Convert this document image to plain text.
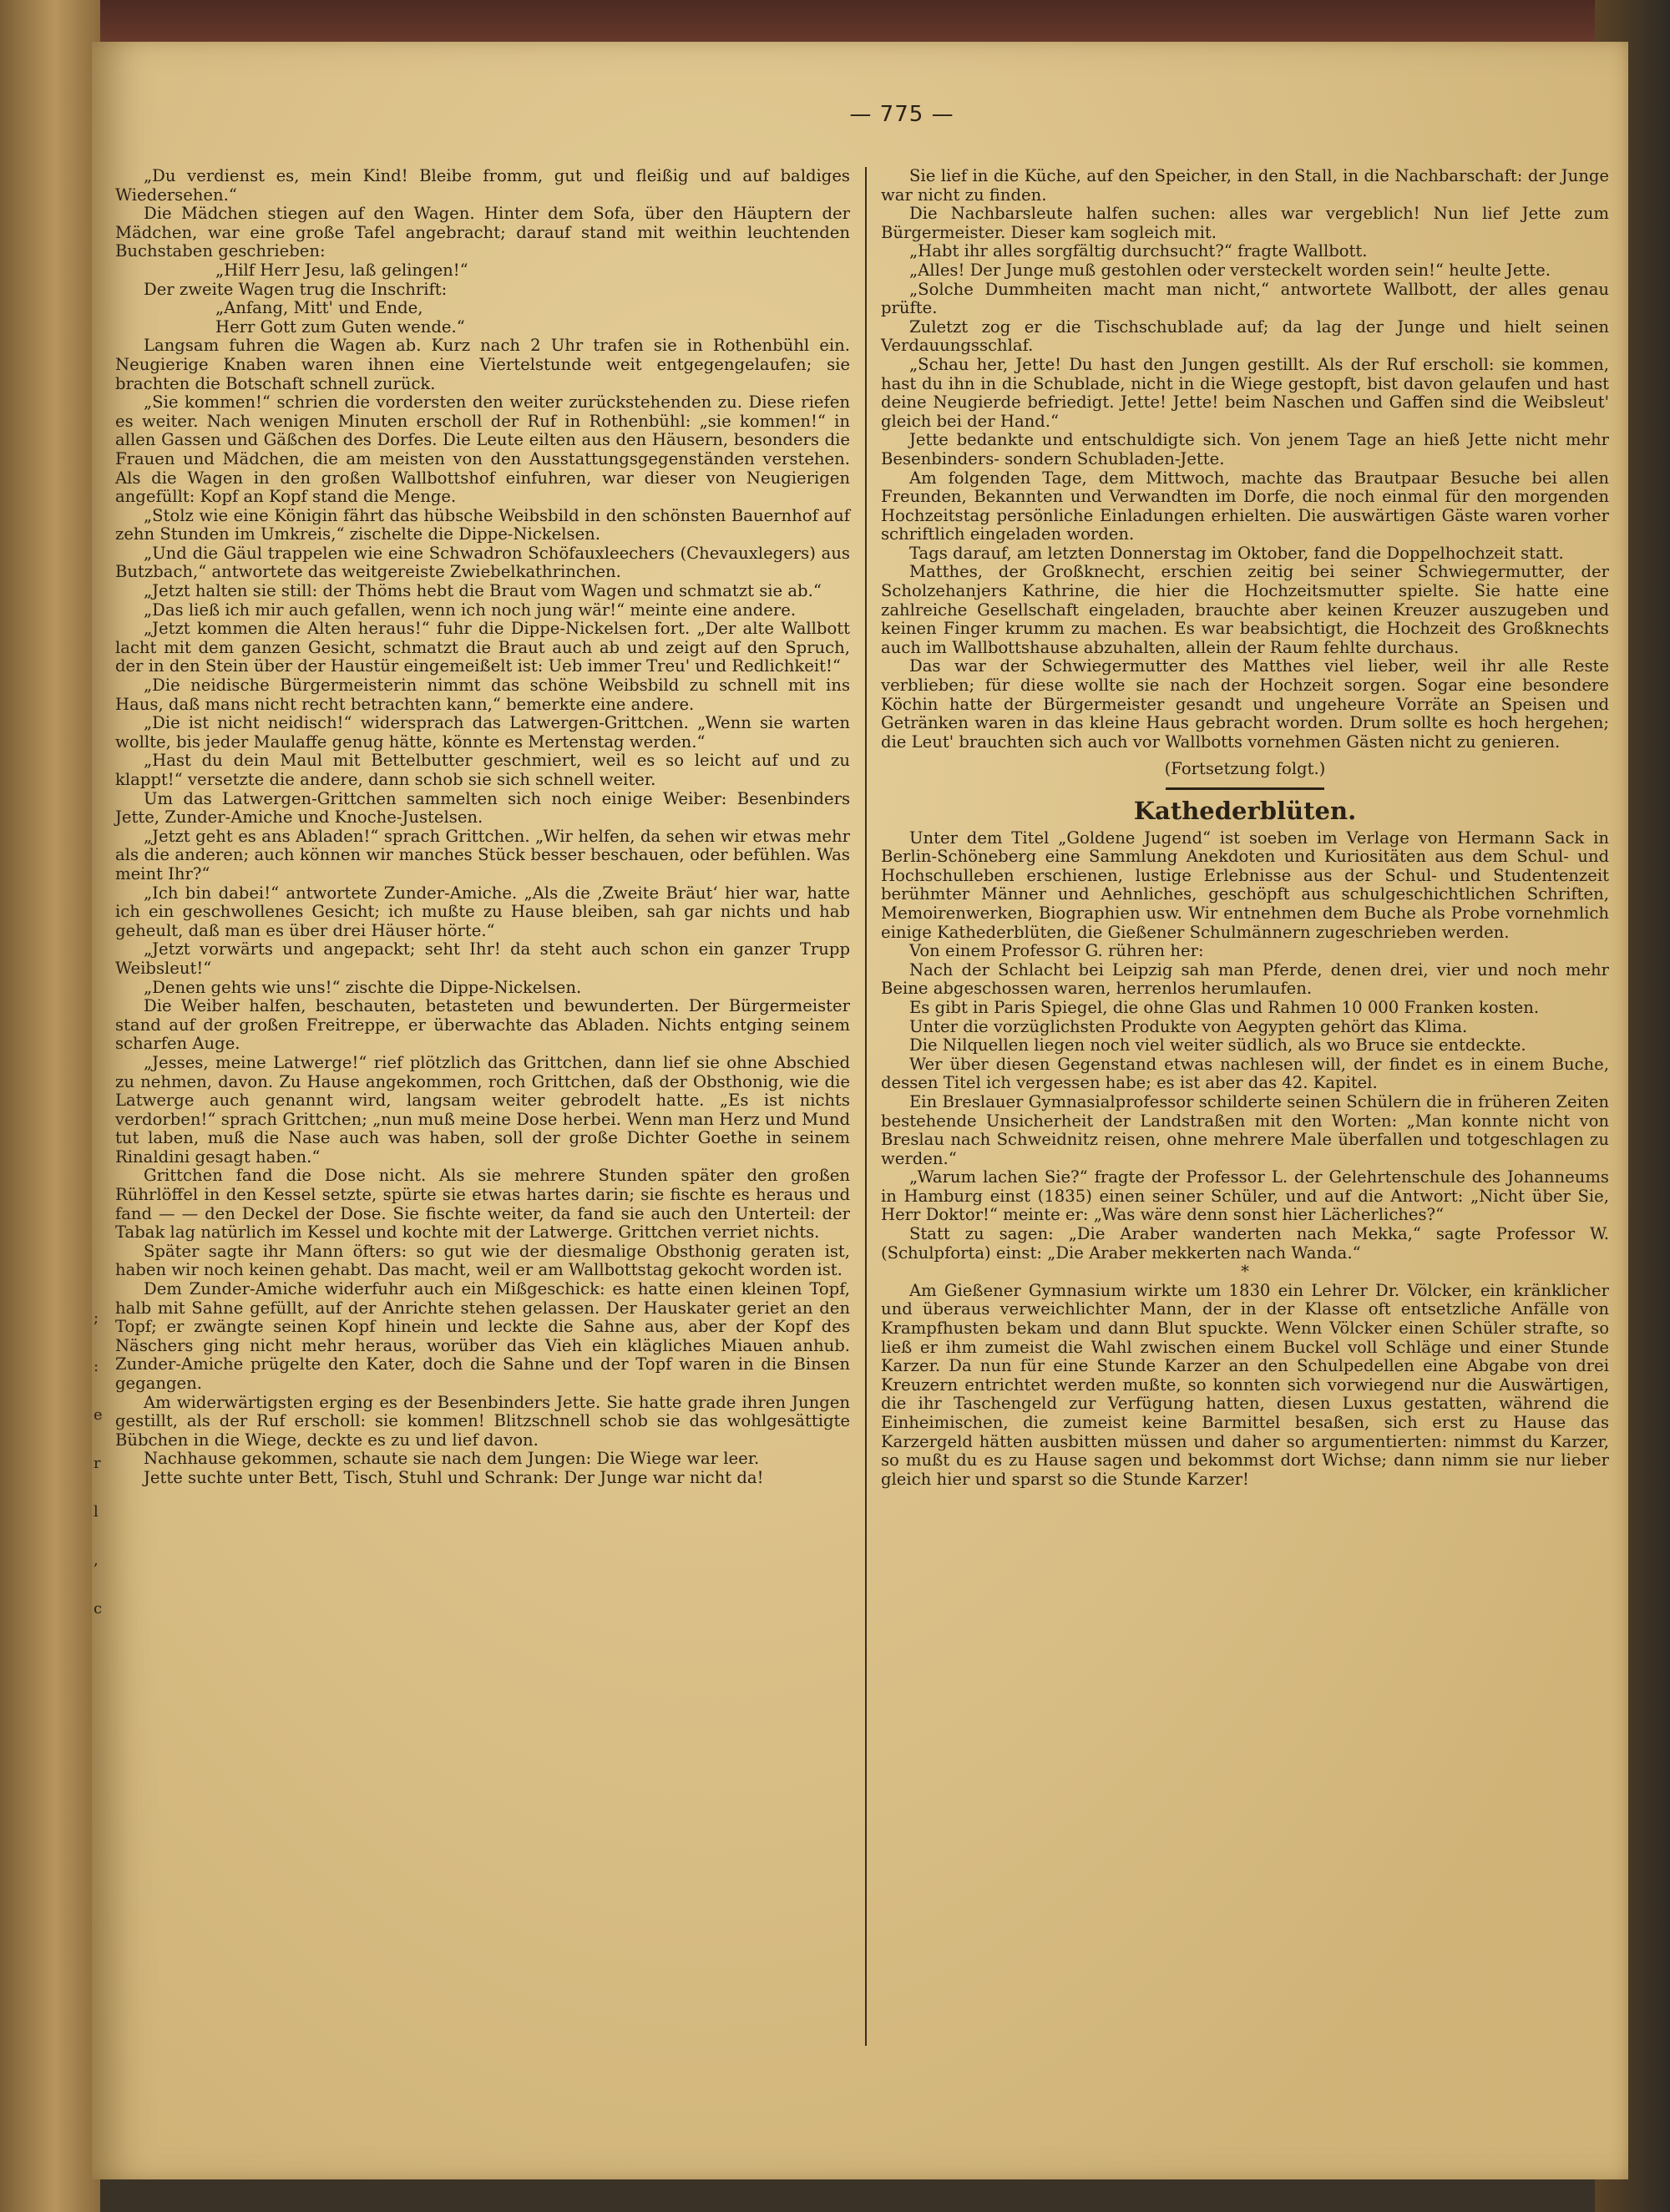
;
:
e
r
l
,
c
— 775 —

„Du verdienst es, mein Kind! Bleibe fromm, gut und fleißig und auf baldiges Wiedersehen.“

Die Mädchen stiegen auf den Wagen. Hinter dem Sofa, über den Häuptern der Mädchen, war eine große Tafel angebracht; darauf stand mit weithin leuchtenden Buchstaben geschrieben:

„Hilf Herr Jesu, laß gelingen!“

Der zweite Wagen trug die Inschrift:

„Anfang, Mitt' und Ende,

Herr Gott zum Guten wende.“

Langsam fuhren die Wagen ab. Kurz nach 2 Uhr trafen sie in Rothenbühl ein. Neugierige Knaben waren ihnen eine Viertelstunde weit entgegengelaufen; sie brachten die Botschaft schnell zurück.

„Sie kommen!“ schrien die vordersten den weiter zurückstehenden zu. Diese riefen es weiter. Nach wenigen Minuten erscholl der Ruf in Rothenbühl: „sie kommen!“ in allen Gassen und Gäßchen des Dorfes. Die Leute eilten aus den Häusern, besonders die Frauen und Mädchen, die am meisten von den Ausstattungsgegenständen verstehen. Als die Wagen in den großen Wallbottshof einfuhren, war dieser von Neugierigen angefüllt: Kopf an Kopf stand die Menge.

„Stolz wie eine Königin fährt das hübsche Weibsbild in den schönsten Bauernhof auf zehn Stunden im Umkreis,“ zischelte die Dippe-Nickelsen.

„Und die Gäul trappelen wie eine Schwadron Schöfauxleechers (Chevauxlegers) aus Butzbach,“ antwortete das weitgereiste Zwiebelkathrinchen.

„Jetzt halten sie still: der Thöms hebt die Braut vom Wagen und schmatzt sie ab.“

„Das ließ ich mir auch gefallen, wenn ich noch jung wär!“ meinte eine andere.

„Jetzt kommen die Alten heraus!“ fuhr die Dippe-Nickelsen fort. „Der alte Wallbott lacht mit dem ganzen Gesicht, schmatzt die Braut auch ab und zeigt auf den Spruch, der in den Stein über der Haustür eingemeißelt ist: Ueb immer Treu' und Redlichkeit!“

„Die neidische Bürgermeisterin nimmt das schöne Weibsbild zu schnell mit ins Haus, daß mans nicht recht betrachten kann,“ bemerkte eine andere.

„Die ist nicht neidisch!“ widersprach das Latwergen-Grittchen. „Wenn sie warten wollte, bis jeder Maulaffe genug hätte, könnte es Mertenstag werden.“

„Hast du dein Maul mit Bettelbutter geschmiert, weil es so leicht auf und zu klappt!“ versetzte die andere, dann schob sie sich schnell weiter.

Um das Latwergen-Grittchen sammelten sich noch einige Weiber: Besenbinders Jette, Zunder-Amiche und Knoche-Justelsen.

„Jetzt geht es ans Abladen!“ sprach Grittchen. „Wir helfen, da sehen wir etwas mehr als die anderen; auch können wir manches Stück besser beschauen, oder befühlen. Was meint Ihr?“

„Ich bin dabei!“ antwortete Zunder-Amiche. „Als die ‚Zweite Bräut‘ hier war, hatte ich ein geschwollenes Gesicht; ich mußte zu Hause bleiben, sah gar nichts und hab geheult, daß man es über drei Häuser hörte.“

„Jetzt vorwärts und angepackt; seht Ihr! da steht auch schon ein ganzer Trupp Weibsleut!“

„Denen gehts wie uns!“ zischte die Dippe-Nickelsen.

Die Weiber halfen, beschauten, betasteten und bewunderten. Der Bürgermeister stand auf der großen Freitreppe, er überwachte das Abladen. Nichts entging seinem scharfen Auge.

„Jesses, meine Latwerge!“ rief plötzlich das Grittchen, dann lief sie ohne Abschied zu nehmen, davon. Zu Hause angekommen, roch Grittchen, daß der Obsthonig, wie die Latwerge auch genannt wird, langsam weiter gebrodelt hatte. „Es ist nichts verdorben!“ sprach Grittchen; „nun muß meine Dose herbei. Wenn man Herz und Mund tut laben, muß die Nase auch was haben, soll der große Dichter Goethe in seinem Rinaldini gesagt haben.“

Grittchen fand die Dose nicht. Als sie mehrere Stunden später den großen Rührlöffel in den Kessel setzte, spürte sie etwas hartes darin; sie fischte es heraus und fand — — den Deckel der Dose. Sie fischte weiter, da fand sie auch den Unterteil: der Tabak lag natürlich im Kessel und kochte mit der Latwerge. Grittchen verriet nichts.

Später sagte ihr Mann öfters: so gut wie der diesmalige Obsthonig geraten ist, haben wir noch keinen gehabt. Das macht, weil er am Wallbottstag gekocht worden ist.

Dem Zunder-Amiche widerfuhr auch ein Mißgeschick: es hatte einen kleinen Topf, halb mit Sahne gefüllt, auf der Anrichte stehen gelassen. Der Hauskater geriet an den Topf; er zwängte seinen Kopf hinein und leckte die Sahne aus, aber der Kopf des Näschers ging nicht mehr heraus, worüber das Vieh ein klägliches Miauen anhub. Zunder-Amiche prügelte den Kater, doch die Sahne und der Topf waren in die Binsen gegangen.

Am widerwärtigsten erging es der Besenbinders Jette. Sie hatte grade ihren Jungen gestillt, als der Ruf erscholl: sie kommen! Blitzschnell schob sie das wohlgesättigte Bübchen in die Wiege, deckte es zu und lief davon.

Nachhause gekommen, schaute sie nach dem Jungen: Die Wiege war leer.

Jette suchte unter Bett, Tisch, Stuhl und Schrank: Der Junge war nicht da!

Sie lief in die Küche, auf den Speicher, in den Stall, in die Nachbarschaft: der Junge war nicht zu finden.

Die Nachbarsleute halfen suchen: alles war vergeblich! Nun lief Jette zum Bürgermeister. Dieser kam sogleich mit.

„Habt ihr alles sorgfältig durchsucht?“ fragte Wallbott.

„Alles! Der Junge muß gestohlen oder versteckelt worden sein!“ heulte Jette.

„Solche Dummheiten macht man nicht,“ antwortete Wallbott, der alles genau prüfte.

Zuletzt zog er die Tischschublade auf; da lag der Junge und hielt seinen Verdauungsschlaf.

„Schau her, Jette! Du hast den Jungen gestillt. Als der Ruf erscholl: sie kommen, hast du ihn in die Schublade, nicht in die Wiege gestopft, bist davon gelaufen und hast deine Neugierde befriedigt. Jette! Jette! beim Naschen und Gaffen sind die Weibsleut' gleich bei der Hand.“

Jette bedankte und entschuldigte sich. Von jenem Tage an hieß Jette nicht mehr Besenbinders- sondern Schubladen-Jette.

Am folgenden Tage, dem Mittwoch, machte das Brautpaar Besuche bei allen Freunden, Bekannten und Verwandten im Dorfe, die noch einmal für den morgenden Hochzeitstag persönliche Einladungen erhielten. Die auswärtigen Gäste waren vorher schriftlich eingeladen worden.

Tags darauf, am letzten Donnerstag im Oktober, fand die Doppelhochzeit statt.

Matthes, der Großknecht, erschien zeitig bei seiner Schwiegermutter, der Scholzehanjers Kathrine, die hier die Hochzeitsmutter spielte. Sie hatte eine zahlreiche Gesellschaft eingeladen, brauchte aber keinen Kreuzer auszugeben und keinen Finger krumm zu machen. Es war beabsichtigt, die Hochzeit des Großknechts auch im Wallbottshause abzuhalten, allein der Raum fehlte durchaus.

Das war der Schwiegermutter des Matthes viel lieber, weil ihr alle Reste verblieben; für diese wollte sie nach der Hochzeit sorgen. Sogar eine besondere Köchin hatte der Bürgermeister gesandt und ungeheure Vorräte an Speisen und Getränken waren in das kleine Haus gebracht worden. Drum sollte es hoch hergehen; die Leut' brauchten sich auch vor Wallbotts vornehmen Gästen nicht zu genieren.

(Fortsetzung folgt.)

Kathederblüten.

Unter dem Titel „Goldene Jugend“ ist soeben im Verlage von Hermann Sack in Berlin-Schöneberg eine Sammlung Anekdoten und Kuriositäten aus dem Schul- und Hochschulleben erschienen, lustige Erlebnisse aus der Schul- und Studentenzeit berühmter Männer und Aehnliches, geschöpft aus schulgeschichtlichen Schriften, Memoirenwerken, Biographien usw. Wir entnehmen dem Buche als Probe vornehmlich einige Kathederblüten, die Gießener Schulmännern zugeschrieben werden.

Von einem Professor G. rühren her:

Nach der Schlacht bei Leipzig sah man Pferde, denen drei, vier und noch mehr Beine abgeschossen waren, herrenlos herumlaufen.

Es gibt in Paris Spiegel, die ohne Glas und Rahmen 10 000 Franken kosten.

Unter die vorzüglichsten Produkte von Aegypten gehört das Klima.

Die Nilquellen liegen noch viel weiter südlich, als wo Bruce sie entdeckte.

Wer über diesen Gegenstand etwas nachlesen will, der findet es in einem Buche, dessen Titel ich vergessen habe; es ist aber das 42. Kapitel.

Ein Breslauer Gymnasialprofessor schilderte seinen Schülern die in früheren Zeiten bestehende Unsicherheit der Landstraßen mit den Worten: „Man konnte nicht von Breslau nach Schweidnitz reisen, ohne mehrere Male überfallen und totgeschlagen zu werden.“

„Warum lachen Sie?“ fragte der Professor L. der Gelehrtenschule des Johanneums in Hamburg einst (1835) einen seiner Schüler, und auf die Antwort: „Nicht über Sie, Herr Doktor!“ meinte er: „Was wäre denn sonst hier Lächerliches?“

Statt zu sagen: „Die Araber wanderten nach Mekka,“ sagte Professor W. (Schulpforta) einst: „Die Araber mekkerten nach Wanda.“

*

Am Gießener Gymnasium wirkte um 1830 ein Lehrer Dr. Völcker, ein kränklicher und überaus verweichlichter Mann, der in der Klasse oft entsetzliche Anfälle von Krampfhusten bekam und dann Blut spuckte. Wenn Völcker einen Schüler strafte, so ließ er ihm zumeist die Wahl zwischen einem Buckel voll Schläge und einer Stunde Karzer. Da nun für eine Stunde Karzer an den Schulpedellen eine Abgabe von drei Kreuzern entrichtet werden mußte, so konnten sich vorwiegend nur die Auswärtigen, die ihr Taschengeld zur Verfügung hatten, diesen Luxus gestatten, während die Einheimischen, die zumeist keine Barmittel besaßen, sich erst zu Hause das Karzergeld hätten ausbitten müssen und daher so argumentierten: nimmst du Karzer, so mußt du es zu Hause sagen und bekommst dort Wichse; dann nimm sie nur lieber gleich hier und sparst so die Stunde Karzer!
